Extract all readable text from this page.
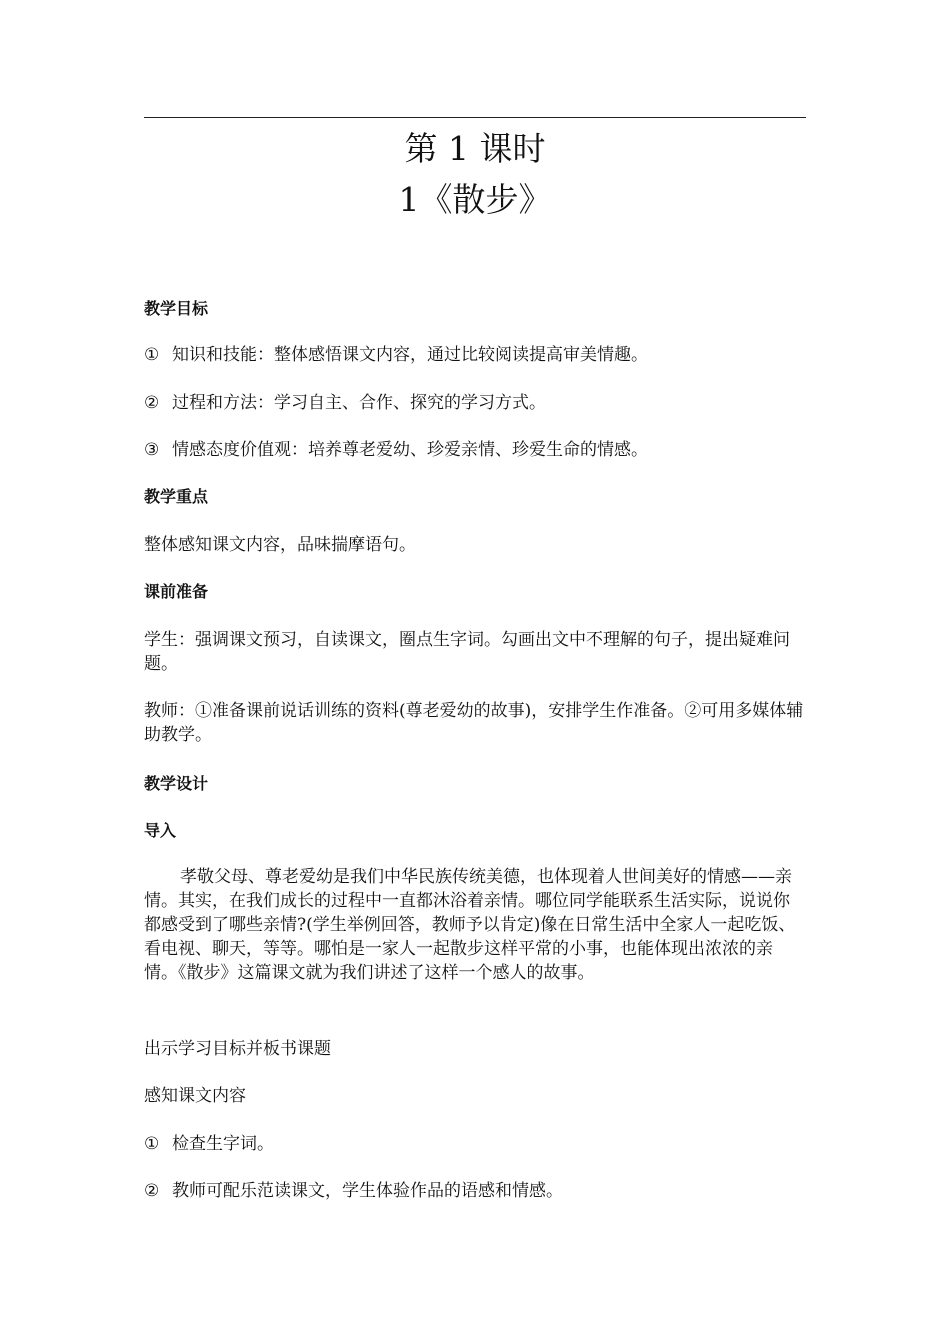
第 1 课时
1《散步》

教学目标

① 知识和技能：整体感悟课文内容，通过比较阅读提高审美情趣。

② 过程和方法：学习自主、合作、探究的学习方式。

③ 情感态度价值观：培养尊老爱幼、珍爱亲情、珍爱生命的情感。

教学重点

整体感知课文内容，品味揣摩语句。

课前准备

学生：强调课文预习，自读课文，圈点生字词。勾画出文中不理解的句子，提出疑难问题。

教师：①准备课前说话训练的资料(尊老爱幼的故事)，安排学生作准备。②可用多媒体辅助教学。

教学设计

导入

孝敬父母、尊老爱幼是我们中华民族传统美德，也体现着人世间美好的情感——亲情。其实，在我们成长的过程中一直都沐浴着亲情。哪位同学能联系生活实际，说说你都感受到了哪些亲情?(学生举例回答，教师予以肯定)像在日常生活中全家人一起吃饭、看电视、聊天，等等。哪怕是一家人一起散步这样平常的小事，也能体现出浓浓的亲情。《散步》这篇课文就为我们讲述了这样一个感人的故事。

出示学习目标并板书课题

感知课文内容

① 检查生字词。

② 教师可配乐范读课文，学生体验作品的语感和情感。
